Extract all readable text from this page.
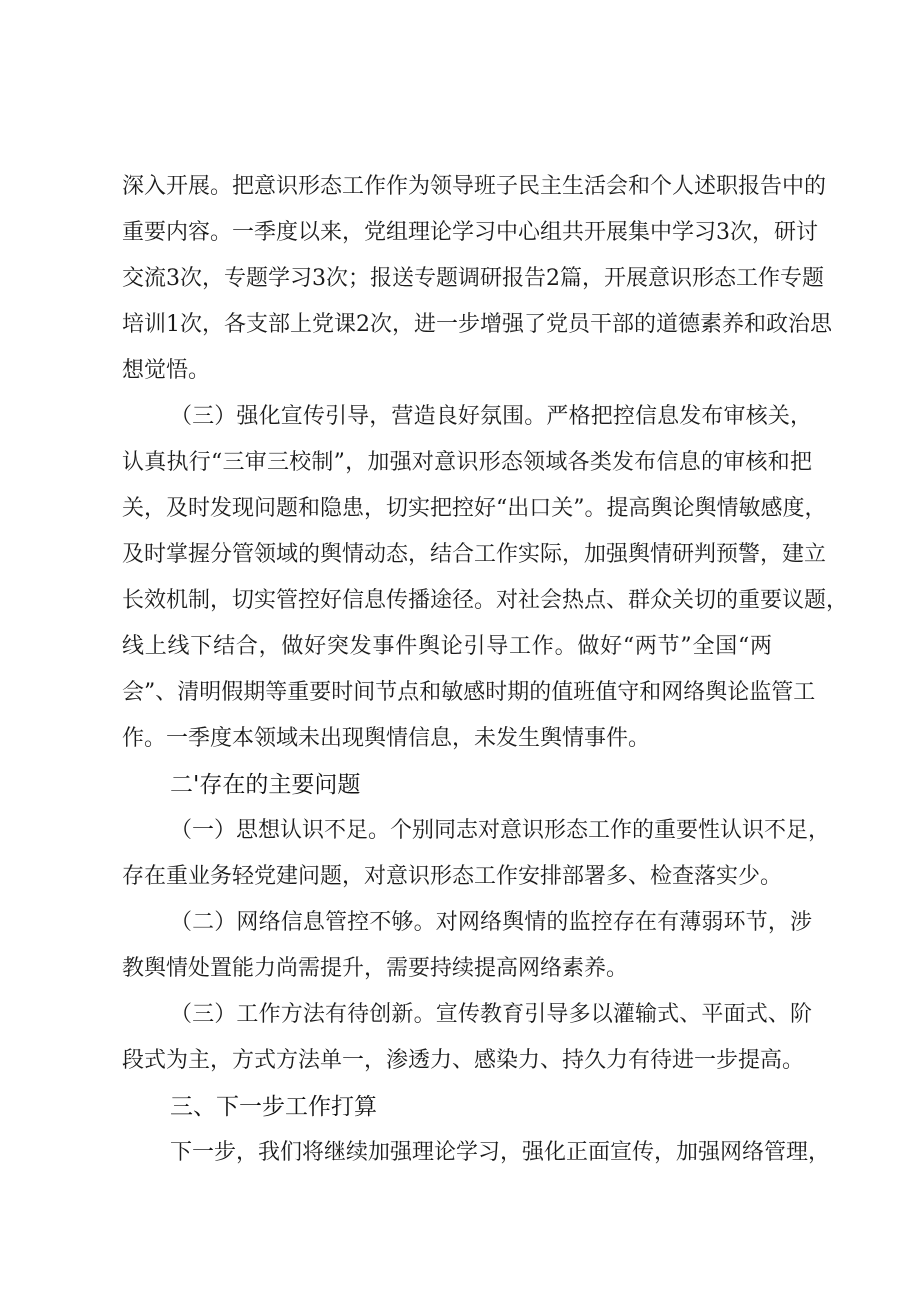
深入开展。把意识形态工作作为领导班子民主生活会和个人述职报告中的
重要内容。一季度以来，党组理论学习中心组共开展集中学习3次，研讨
交流3次，专题学习3次；报送专题调研报告2篇，开展意识形态工作专题
培训1次，各支部上党课2次，进一步增强了党员干部的道德素养和政治思
想觉悟。
（三）强化宣传引导，营造良好氛围。严格把控信息发布审核关，
认真执行“三审三校制”，加强对意识形态领域各类发布信息的审核和把
关，及时发现问题和隐患，切实把控好“出口关”。提高舆论舆情敏感度，
及时掌握分管领域的舆情动态，结合工作实际，加强舆情研判预警，建立
长效机制，切实管控好信息传播途径。对社会热点、群众关切的重要议题，
线上线下结合，做好突发事件舆论引导工作。做好“两节”全国“两
会”、清明假期等重要时间节点和敏感时期的值班值守和网络舆论监管工
作。一季度本领域未出现舆情信息，未发生舆情事件。
二'存在的主要问题
（一）思想认识不足。个别同志对意识形态工作的重要性认识不足，
存在重业务轻党建问题，对意识形态工作安排部署多、检查落实少。
（二）网络信息管控不够。对网络舆情的监控存在有薄弱环节，涉
教舆情处置能力尚需提升，需要持续提高网络素养。
（三）工作方法有待创新。宣传教育引导多以灌输式、平面式、阶
段式为主，方式方法单一，渗透力、感染力、持久力有待进一步提高。
三、下一步工作打算
下一步，我们将继续加强理论学习，强化正面宣传，加强网络管理，
